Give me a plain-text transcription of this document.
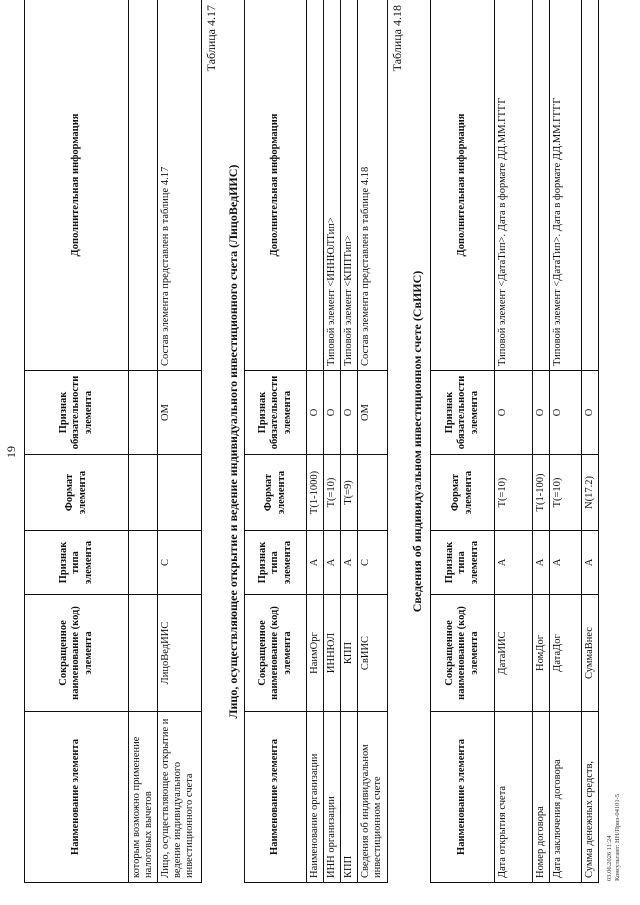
19
Наименование элемента	Сокращенное наименование (код) элемента	Признак типа элемента	Формат элемента	Признак обязательности элемента	Дополнительная информация
которым возможно применение налоговых вычетов					
Лицо, осуществляющее открытие и ведение индивидуального инвестиционного счета	ЛицоВедИИС	С		ОМ	Состав элемента представлен в таблице 4.17
Таблица 4.17
Лицо, осуществляющее открытие и ведение индивидуального инвестиционного счета (ЛицоВедИИС)
Наименование элемента	Сокращенное наименование (код) элемента	Признак типа элемента	Формат элемента	Признак обязательности элемента	Дополнительная информация
Наименование организации	НаимОрг	А	T(1-1000)	О	
ИНН организации	ИННЮЛ	А	T(=10)	О	Типовой элемент <ИННЮЛТип>
КПП	КПП	А	T(=9)	О	Типовой элемент <КППТип>
Сведения об индивидуальном инвестиционном счете	СвИИС	С		ОМ	Состав элемента представлен в таблице 4.18
Таблица 4.18
Сведения об индивидуальном инвестиционном счете (СвИИС)
Наименование элемента	Сокращенное наименование (код) элемента	Признак типа элемента	Формат элемента	Признак обязательности элемента	Дополнительная информация
Дата открытия счета	ДатаИИС	А	T(=10)	О	Типовой элемент <ДатаТип>. Дата в формате ДД.ММ.ГГГГ
Номер договора	НомДог	А	T(1-100)	О	
Дата заключения договора	ДатаДог	А	T(=10)	О	Типовой элемент <ДатаТип>. Дата в формате ДД.ММ.ГГГГ
Сумма денежных средств,	СуммаВнес	А	N(17.2)	О	
03.06.2026 11:24 Консультант: НН/Приз-04101-5
